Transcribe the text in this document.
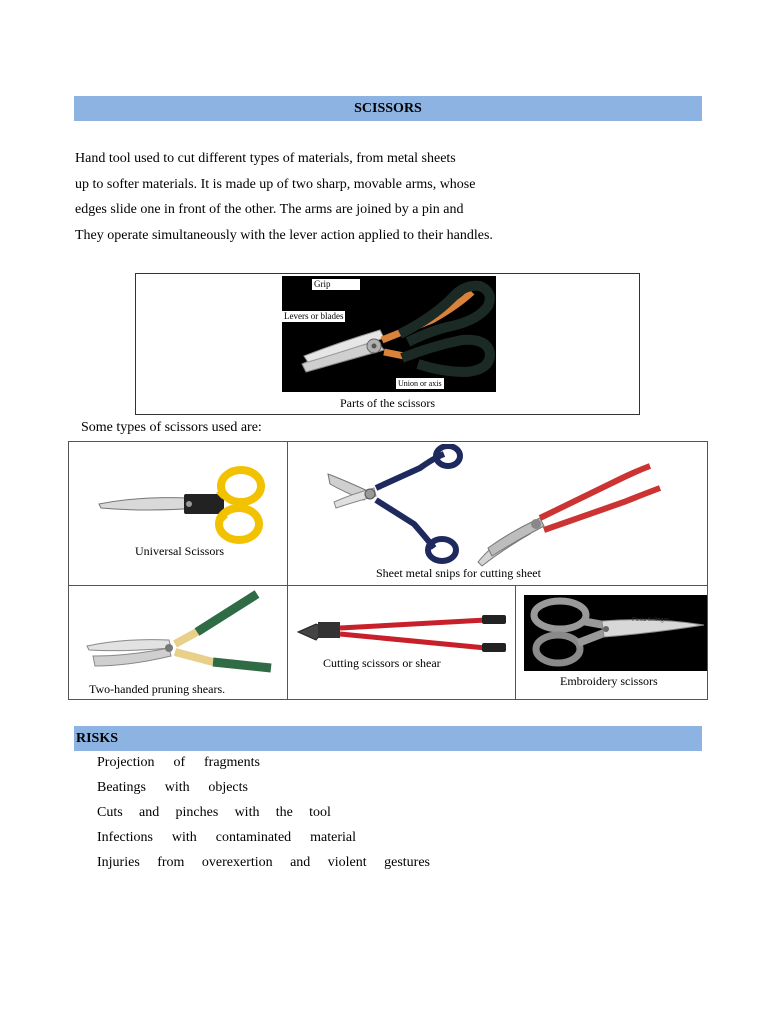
SCISSORS
Hand tool used to cut different types of materials, from metal sheets
up to softer materials. It is made up of two sharp, movable arms, whose
edges slide one in front of the other. The arms are joined by a pin and
They operate simultaneously with the lever action applied to their handles.
Grip
Levers or blades
Union or axis
Parts of the scissors
Some types of scissors used are:
Universal Scissors
Sheet metal snips for cutting sheet
Two-handed pruning shears.
Cutting scissors or shear
Fiesta Solingen
Embroidery scissors
RISKS
Projection of fragments
Beatings with objects
Cuts and pinches with the tool
Infections with contaminated material
Injuries from overexertion and violent gestures
